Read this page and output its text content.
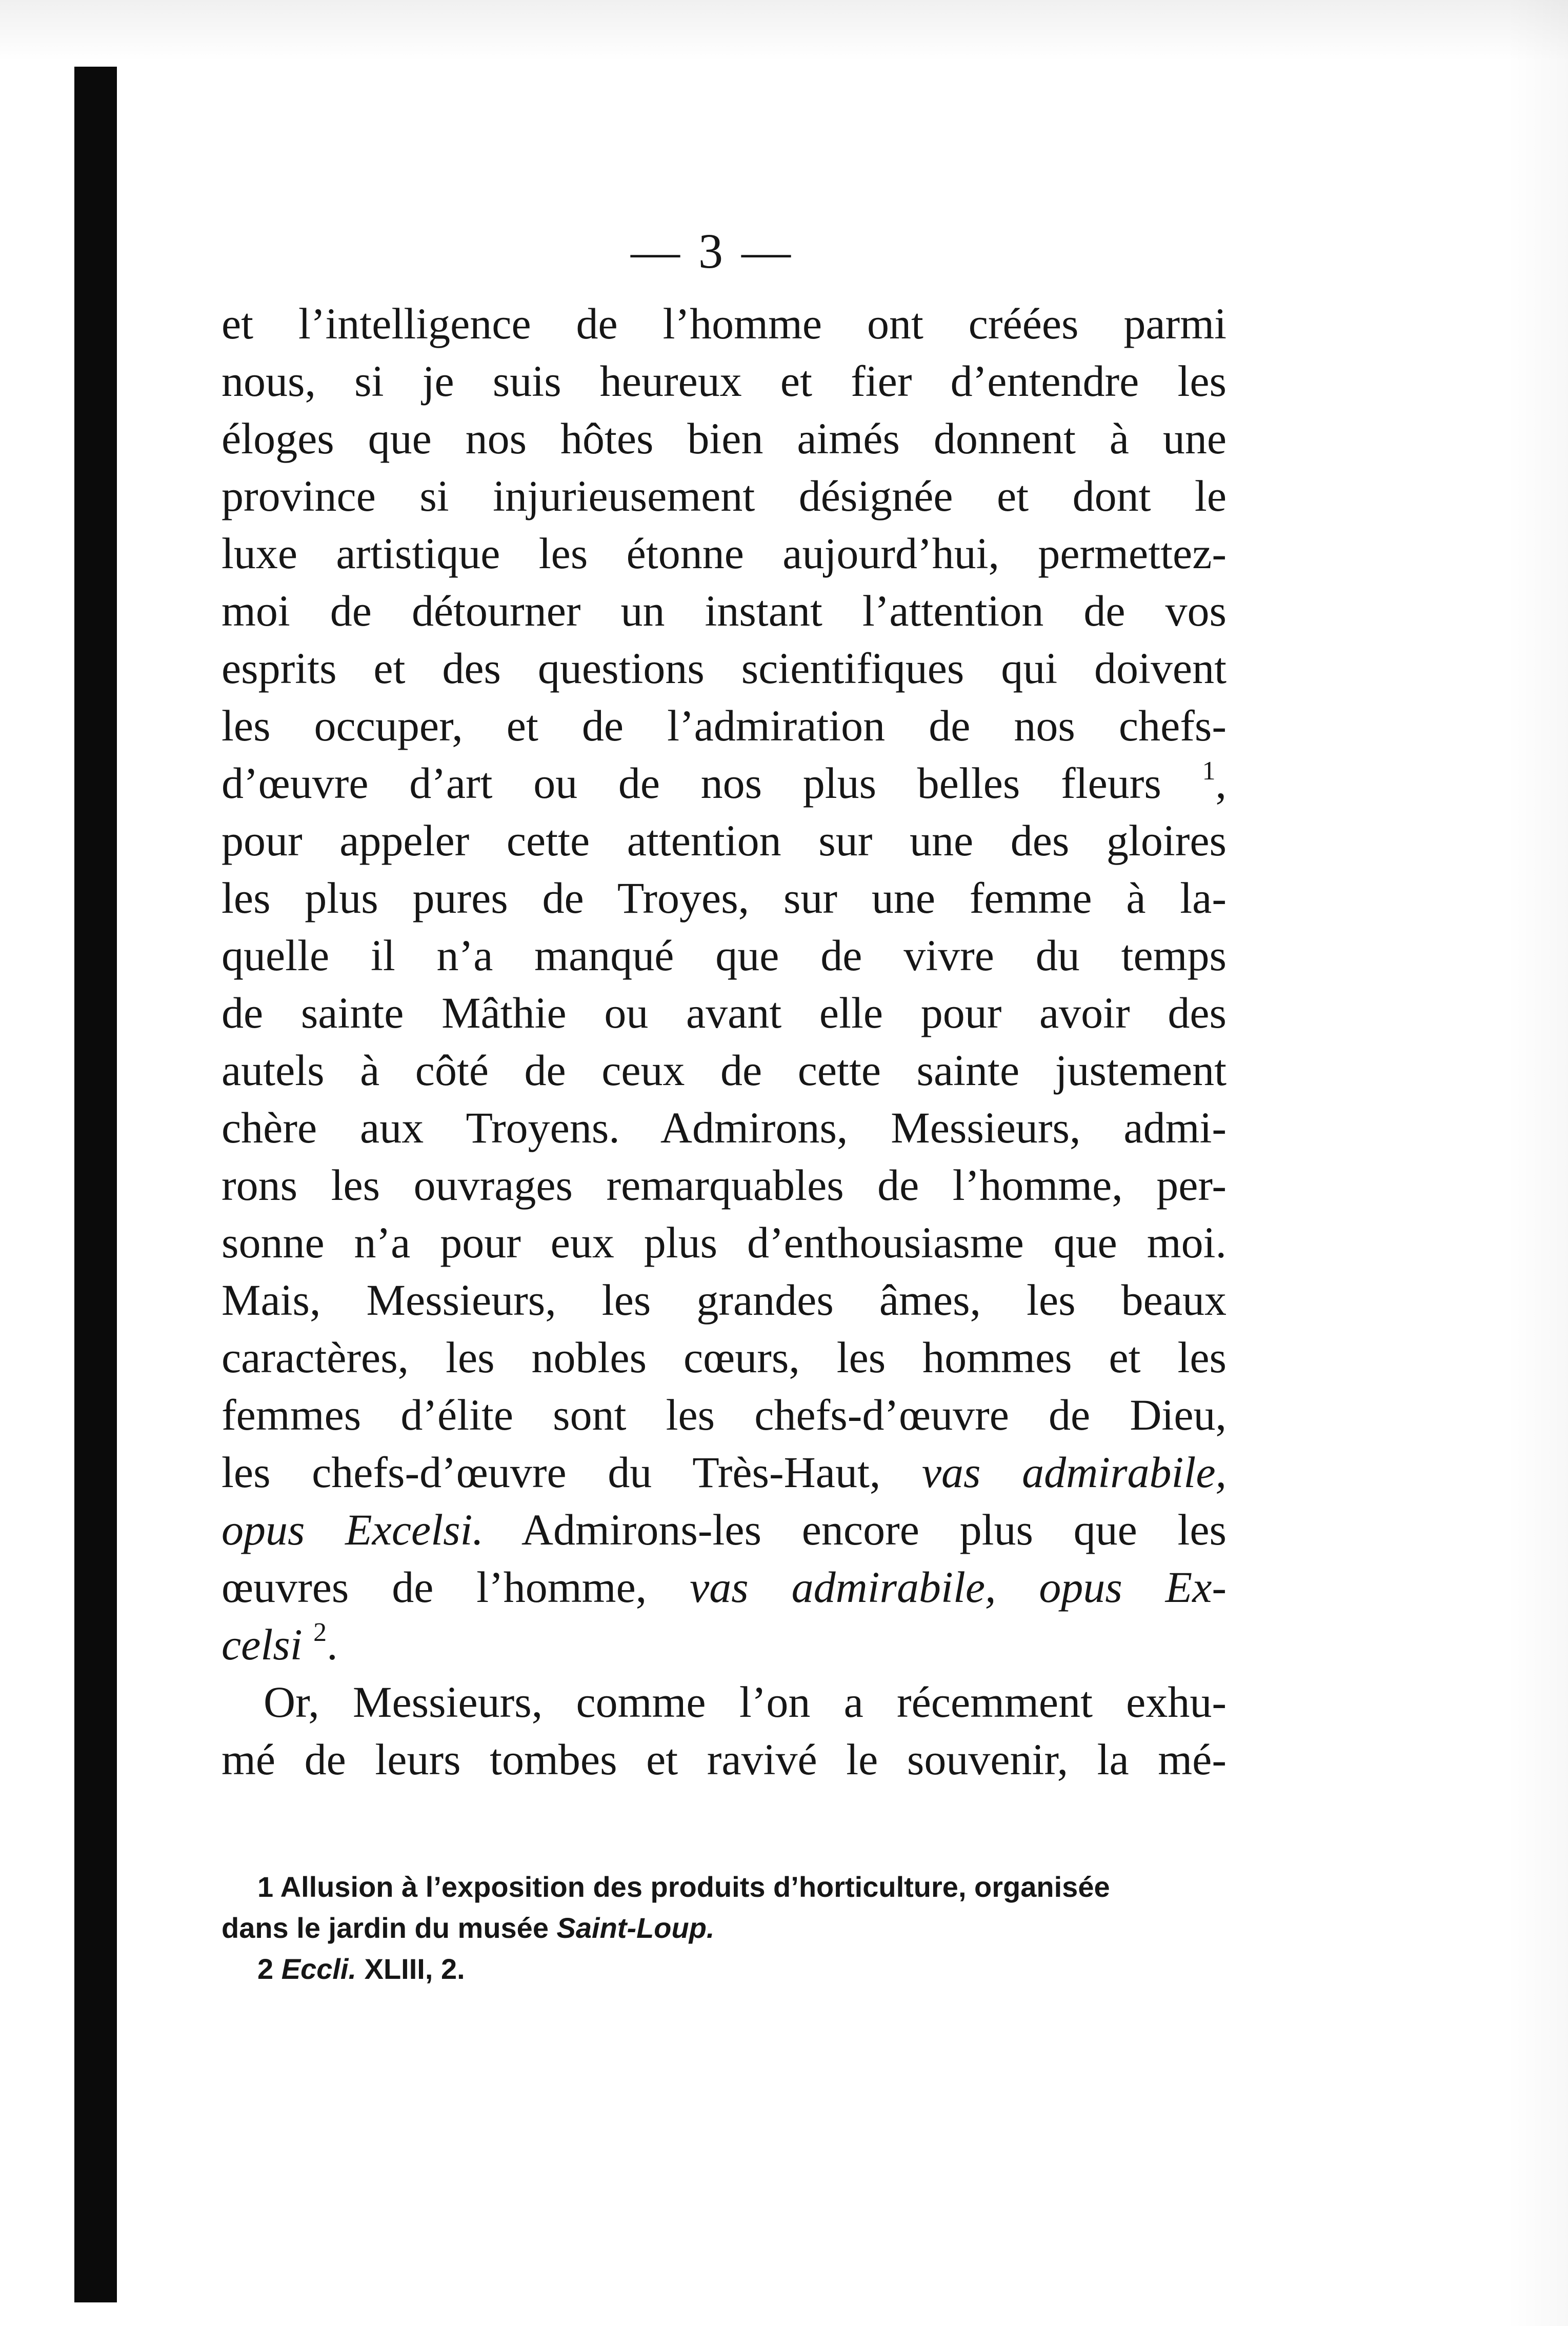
— 3 —
et l’intelligence de l’homme ont créées parmi
nous, si je suis heureux et fier d’entendre les
éloges que nos hôtes bien aimés donnent à une
province si injurieusement désignée et dont le
luxe artistique les étonne aujourd’hui, permettez-
moi de détourner un instant l’attention de vos
esprits et des questions scientifiques qui doivent
les occuper, et de l’admiration de nos chefs-
d’œuvre d’art ou de nos plus belles fleurs $^1$,
pour appeler cette attention sur une des gloires
les plus pures de Troyes, sur une femme à la-
quelle il n’a manqué que de vivre du temps
de sainte Mâthie ou avant elle pour avoir des
autels à côté de ceux de cette sainte justement
chère aux Troyens. Admirons, Messieurs, admi-
rons les ouvrages remarquables de l’homme, per-
sonne n’a pour eux plus d’enthousiasme que moi.
Mais, Messieurs, les grandes âmes, les beaux
caractères, les nobles cœurs, les hommes et les
femmes d’élite sont les chefs-d’œuvre de Dieu,
les chefs-d’œuvre du Très-Haut, vas admirabile,
opus Excelsi. Admirons-les encore plus que les
œuvres de l’homme, vas admirabile, opus Ex-
celsi $^2$.
Or, Messieurs, comme l’on a récemment exhu-
mé de leurs tombes et ravivé le souvenir, la mé-
1 Allusion à l’exposition des produits d’horticulture, organisée
dans le jardin du musée Saint-Loup.
2 Eccli. XLIII, 2.
